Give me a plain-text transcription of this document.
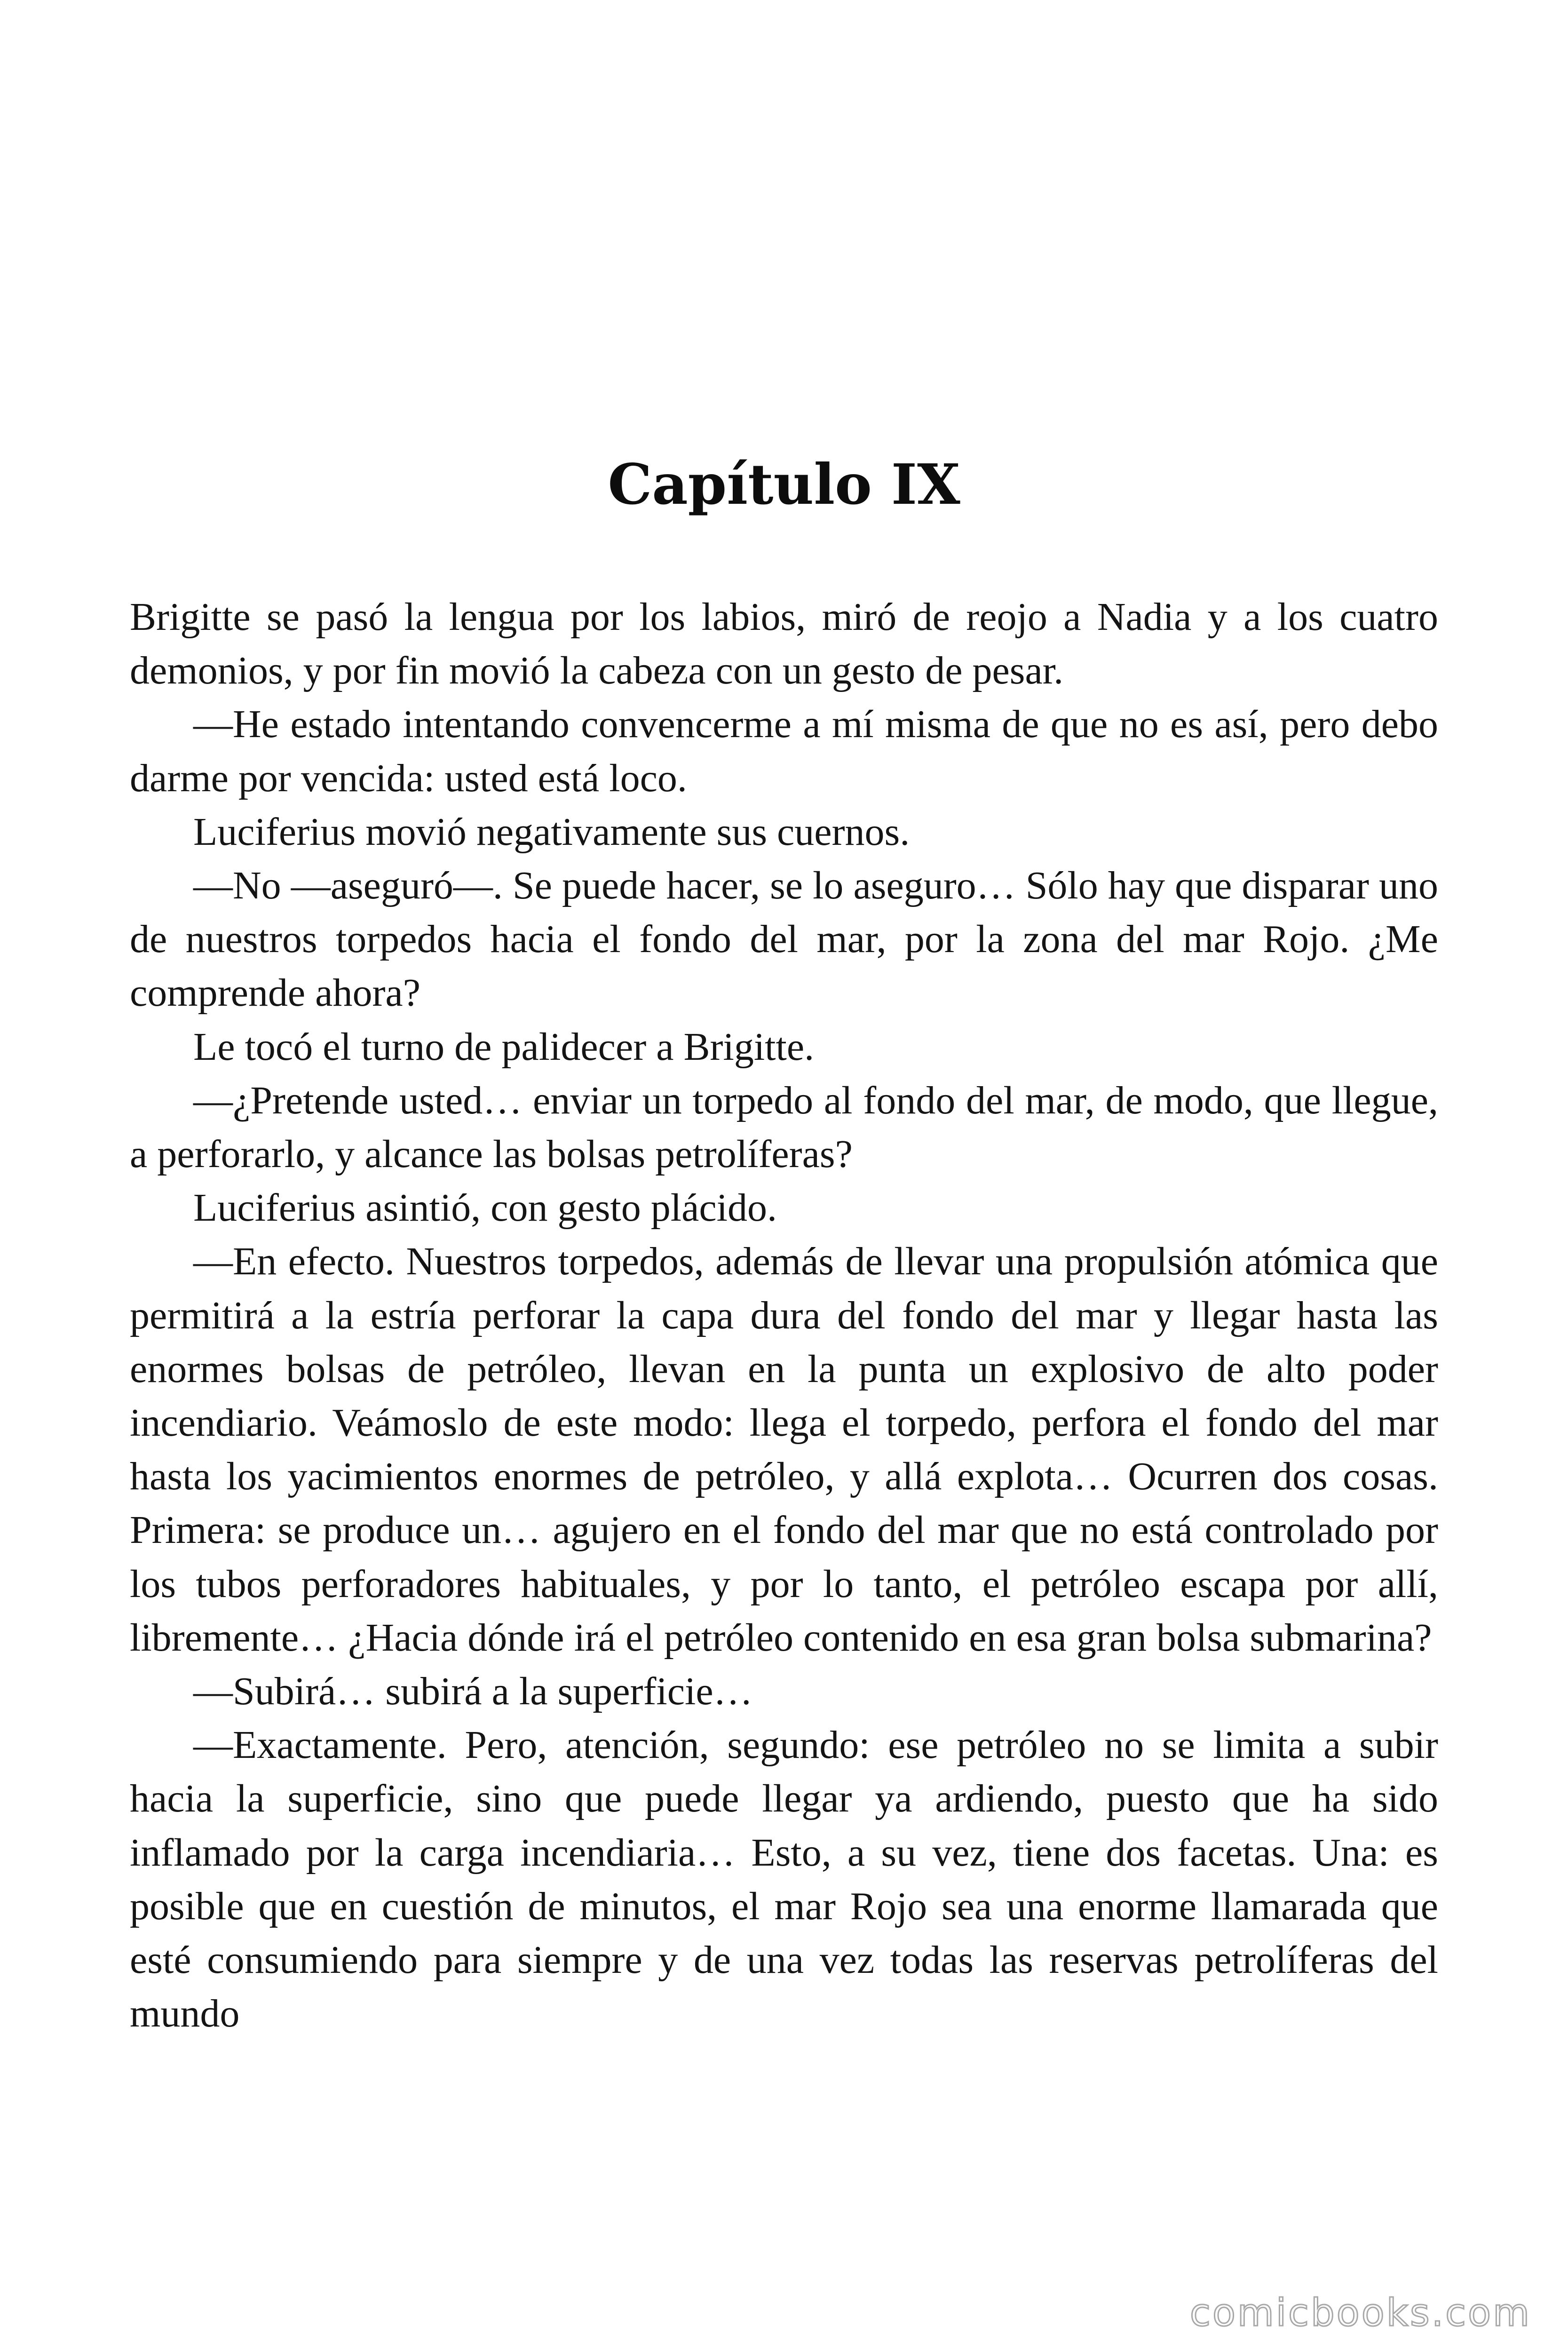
Capítulo IX

Brigitte se pasó la lengua por los labios, miró de reojo a Nadia y a los cuatro demonios, y por fin movió la cabeza con un gesto de pesar.

—He estado intentando convencerme a mí misma de que no es así, pero debo darme por vencida: usted está loco.

Luciferius movió negativamente sus cuernos.

—No —aseguró—. Se puede hacer, se lo aseguro… Sólo hay que disparar uno de nuestros torpedos hacia el fondo del mar, por la zona del mar Rojo. ¿Me comprende ahora?

Le tocó el turno de palidecer a Brigitte.

—¿Pretende usted… enviar un torpedo al fondo del mar, de modo, que llegue, a perforarlo, y alcance las bolsas petrolíferas?

Luciferius asintió, con gesto plácido.

—En efecto. Nuestros torpedos, además de llevar una propulsión atómica que permitirá a la estría perforar la capa dura del fondo del mar y llegar hasta las enormes bolsas de petróleo, llevan en la punta un explosivo de alto poder incendiario. Veámoslo de este modo: llega el torpedo, perfora el fondo del mar hasta los yacimientos enormes de petróleo, y allá explota… Ocurren dos cosas. Primera: se produce un… agujero en el fondo del mar que no está controlado por los tubos perforadores habituales, y por lo tanto, el petróleo escapa por allí, libremente… ¿Hacia dónde irá el petróleo contenido en esa gran bolsa submarina?

—Subirá… subirá a la superficie…

—Exactamente. Pero, atención, segundo: ese petróleo no se limita a subir hacia la superficie, sino que puede llegar ya ardiendo, puesto que ha sido inflamado por la carga incendiaria… Esto, a su vez, tiene dos facetas. Una: es posible que en cuestión de minutos, el mar Rojo sea una enorme llamarada que esté consumiendo para siempre y de una vez todas las reservas petrolíferas del mundo

comicbooks.com
